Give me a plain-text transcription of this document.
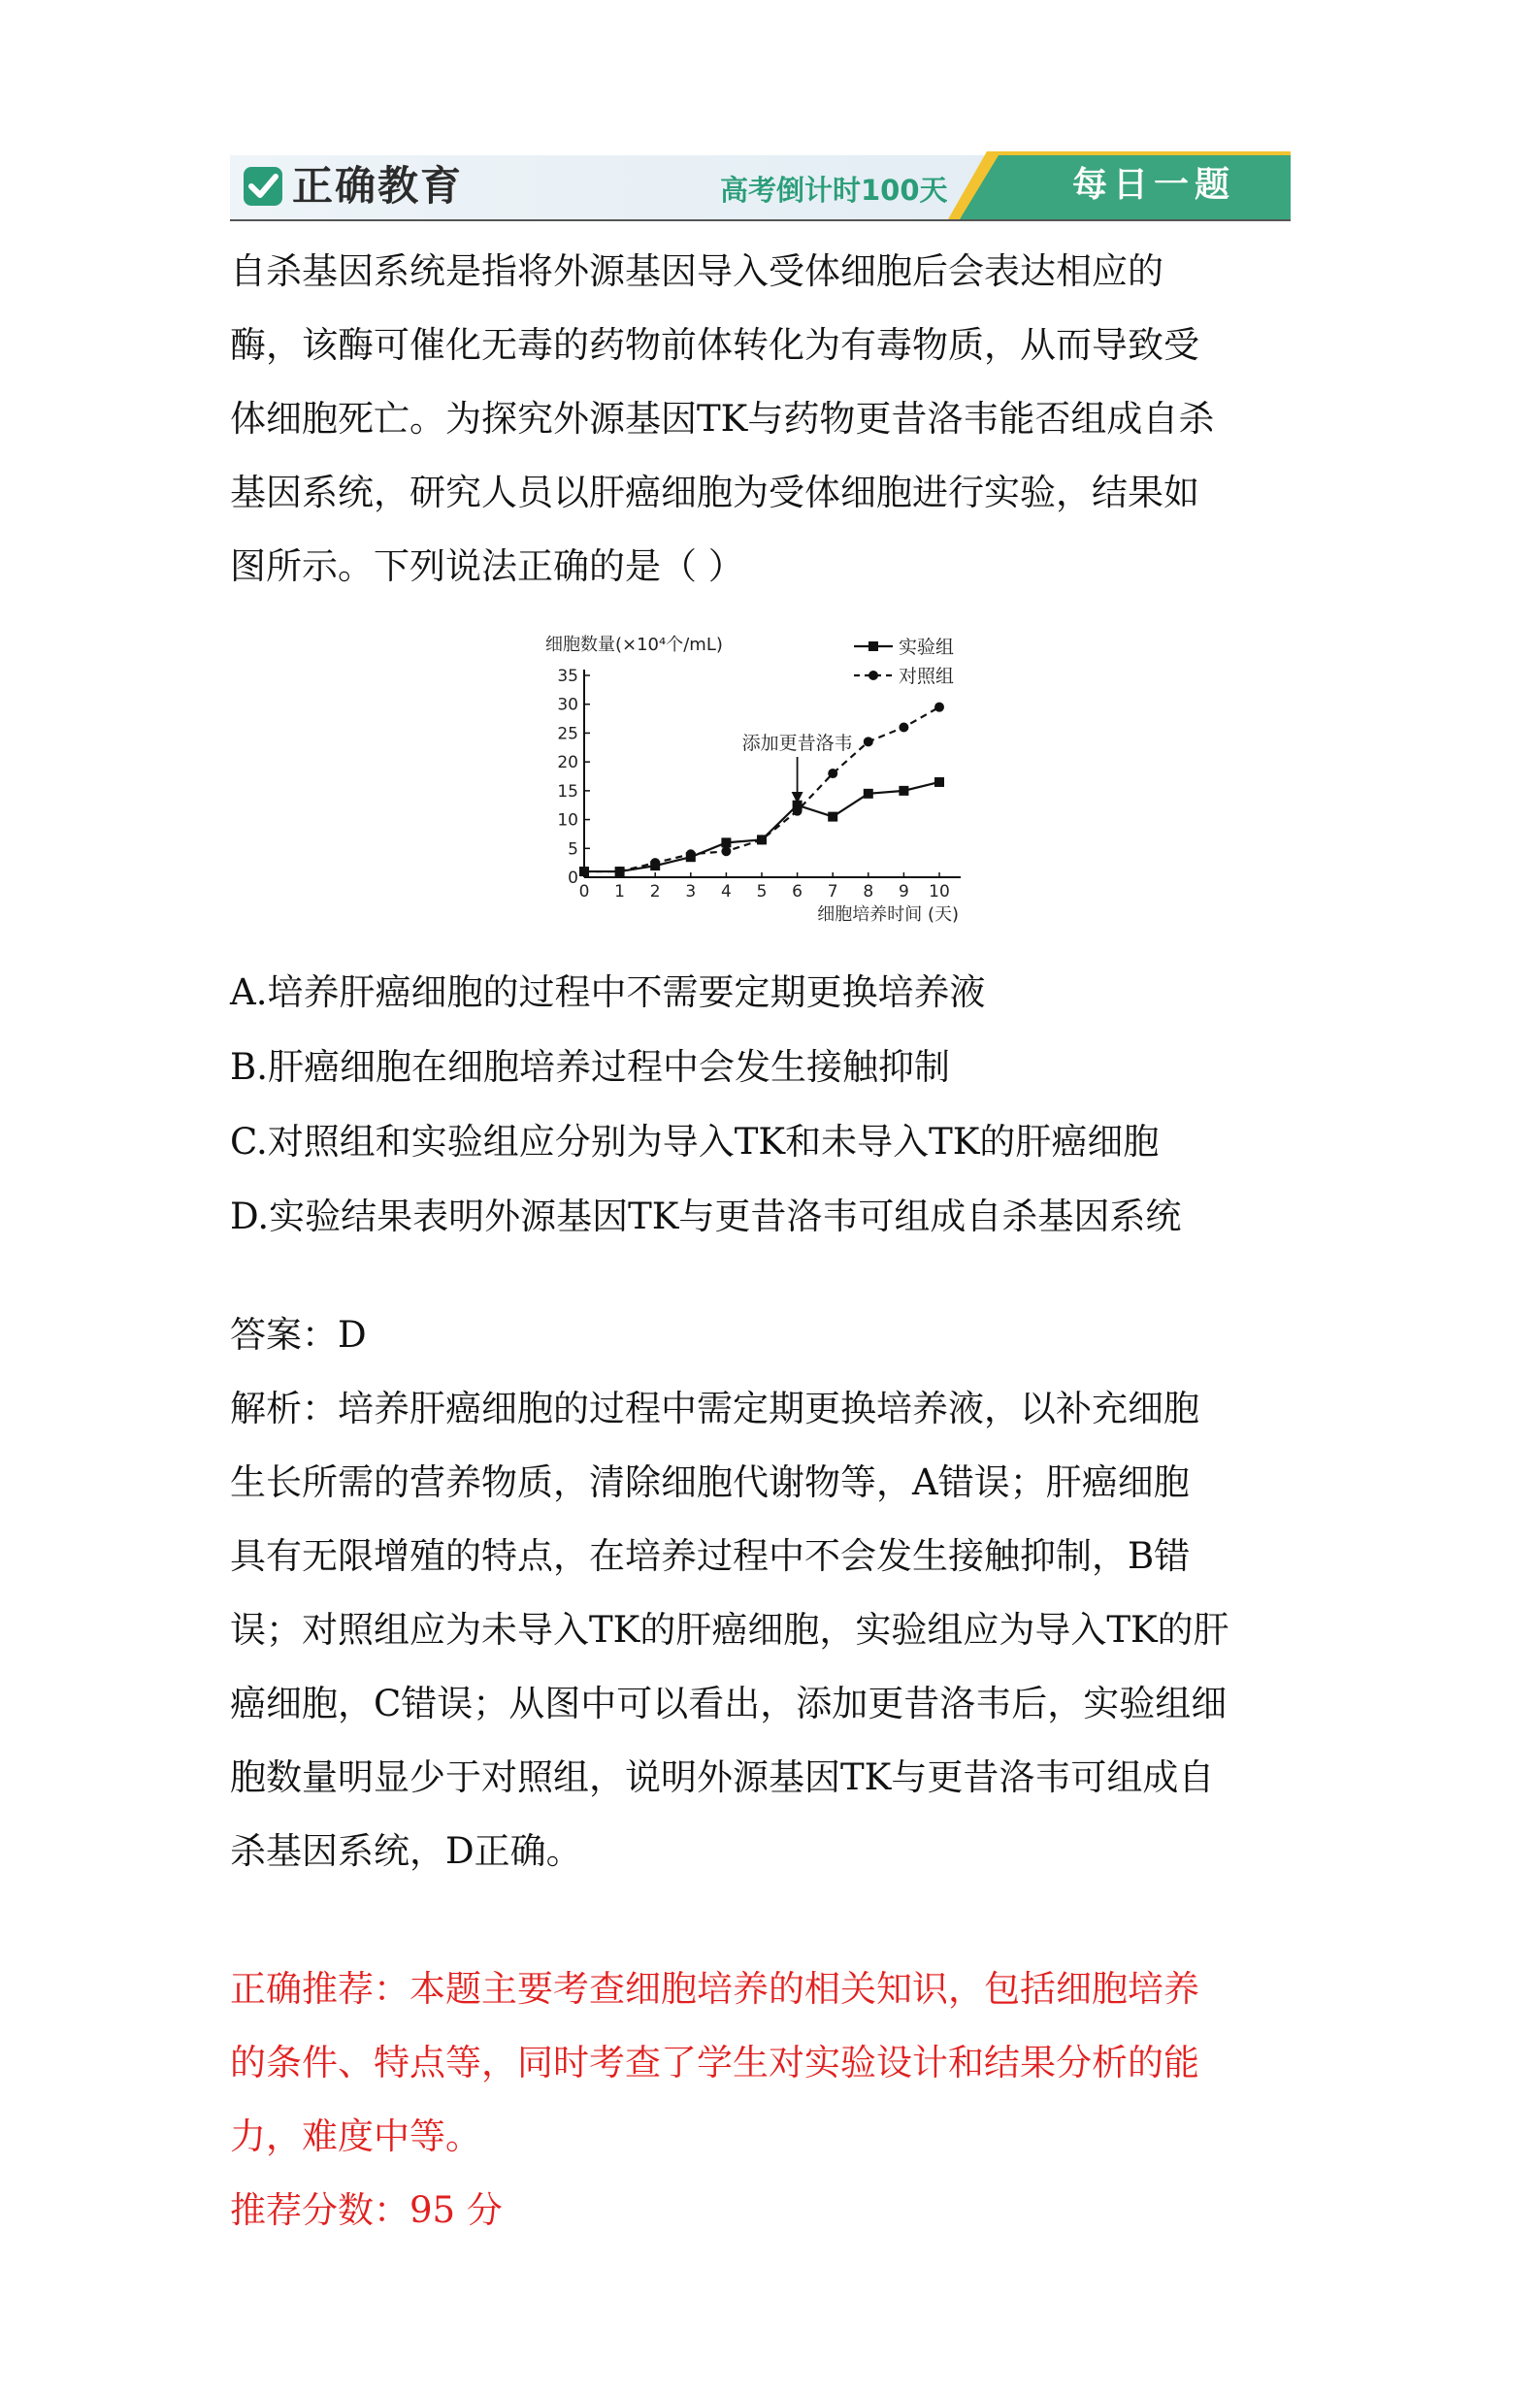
正确教育	高考倒计时100天	每日一题
自杀基因系统是指将外源基因导入受体细胞后会表达相应的
酶，该酶可催化无毒的药物前体转化为有毒物质，从而导致受
体细胞死亡。为探究外源基因TK与药物更昔洛韦能否组成自杀
基因系统，研究人员以肝癌细胞为受体细胞进行实验，结果如
图所示。下列说法正确的是（ ）
0
5
10
15
20
25
30
35
0 1 2 3 4 5 6 7 8 9 10
细胞数量(×10⁴个/mL)
细胞培养时间 (天)
实验组
对照组
添加更昔洛韦
A.培养肝癌细胞的过程中不需要定期更换培养液
B.肝癌细胞在细胞培养过程中会发生接触抑制
C.对照组和实验组应分别为导入TK和未导入TK的肝癌细胞
D.实验结果表明外源基因TK与更昔洛韦可组成自杀基因系统
答案：D
解析：培养肝癌细胞的过程中需定期更换培养液，以补充细胞
生长所需的营养物质，清除细胞代谢物等，A错误；肝癌细胞
具有无限增殖的特点，在培养过程中不会发生接触抑制，B错
误；对照组应为未导入TK的肝癌细胞，实验组应为导入TK的肝
癌细胞，C错误；从图中可以看出，添加更昔洛韦后，实验组细
胞数量明显少于对照组，说明外源基因TK与更昔洛韦可组成自
杀基因系统，D正确。
正确推荐：本题主要考查细胞培养的相关知识，包括细胞培养
的条件、特点等，同时考查了学生对实验设计和结果分析的能
力，难度中等。
推荐分数：95 分
